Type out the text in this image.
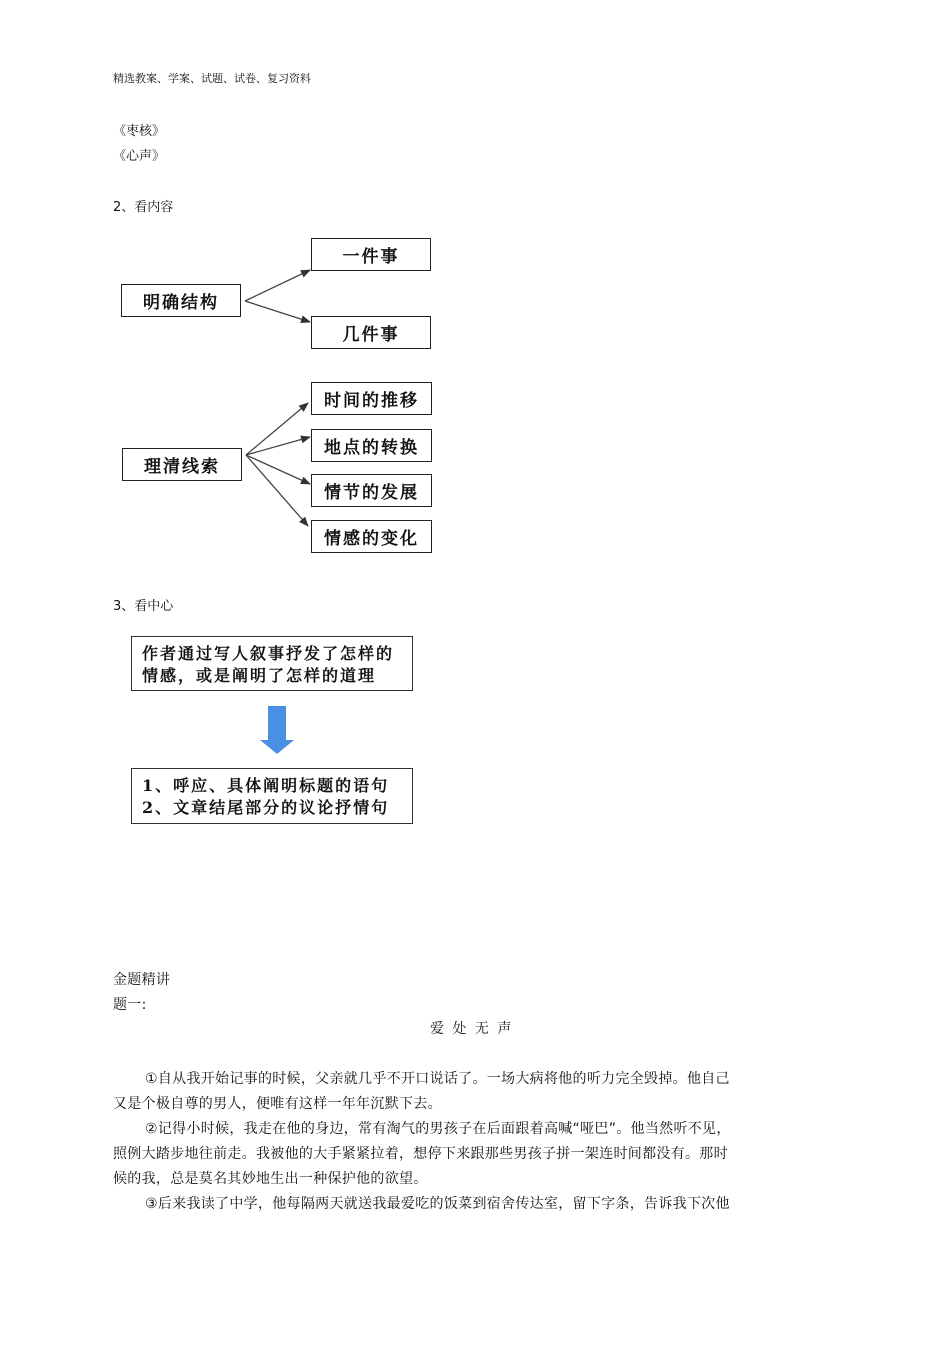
精选教案、学案、试题、试卷、复习资料
《枣核》
《心声》
2、看内容
明确结构
一件事
几件事
理清线索
时间的推移
地点的转换
情节的发展
情感的变化
3、看中心
作者通过写人叙事抒发了怎样的
情感，或是阐明了怎样的道理
1、呼应、具体阐明标题的语句
2、文章结尾部分的议论抒情句
金题精讲
题一:
爱 处 无 声
①自从我开始记事的时候，父亲就几乎不开口说话了。一场大病将他的听力完全毁掉。他自己
又是个极自尊的男人，便唯有这样一年年沉默下去。
②记得小时候，我走在他的身边，常有淘气的男孩子在后面跟着高喊“哑巴”。他当然听不见，
照例大踏步地往前走。我被他的大手紧紧拉着，想停下来跟那些男孩子拼一架连时间都没有。那时
候的我，总是莫名其妙地生出一种保护他的欲望。
③后来我读了中学，他每隔两天就送我最爱吃的饭菜到宿舍传达室，留下字条，告诉我下次他
